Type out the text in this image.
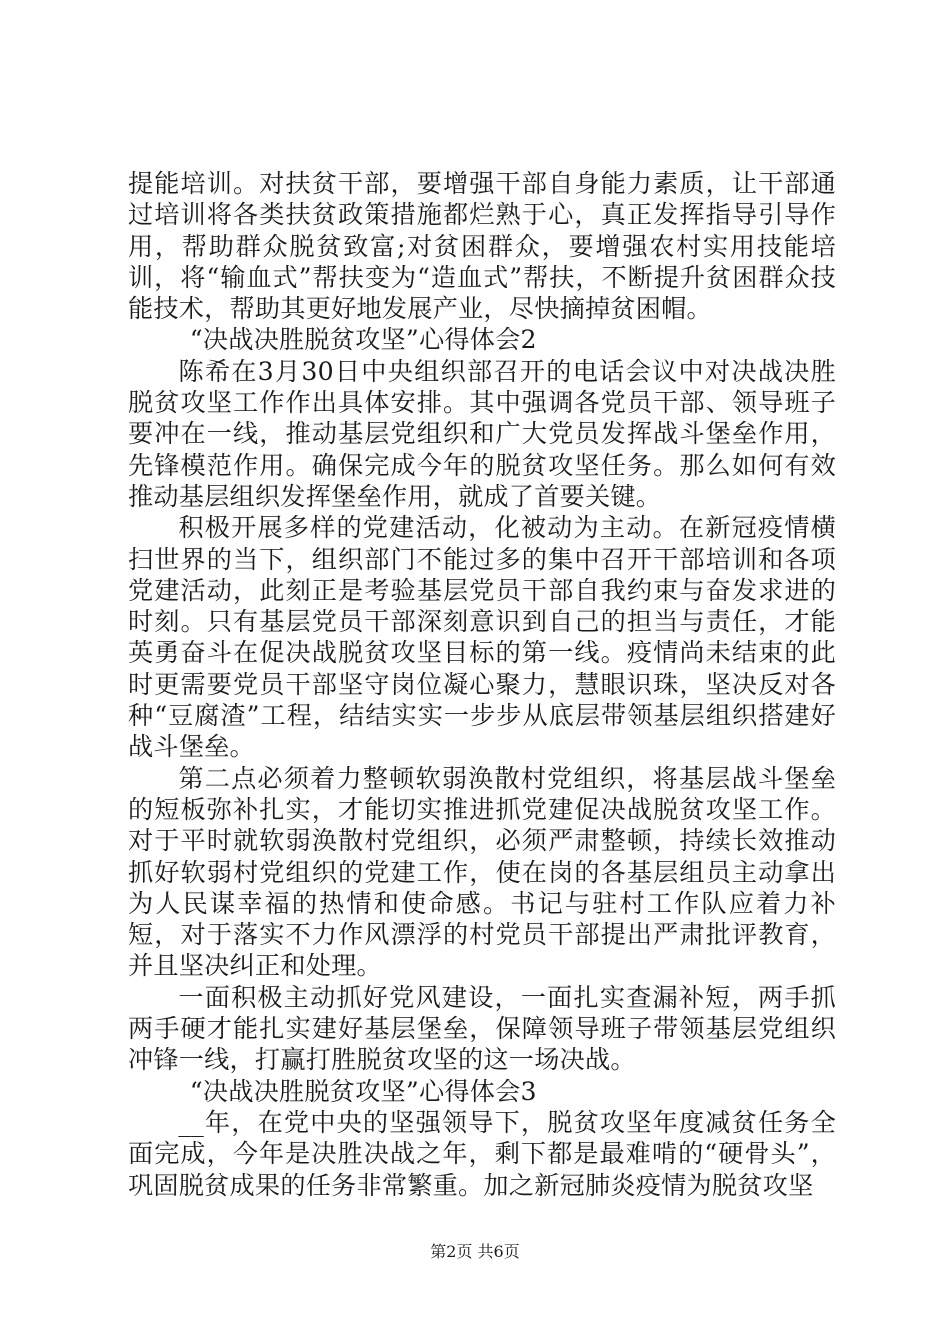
提能培训。对扶贫干部，要增强干部自身能力素质，让干部通过培训将各类扶贫政策措施都烂熟于心，真正发挥指导引导作用，帮助群众脱贫致富;对贫困群众，要增强农村实用技能培训，将“输血式”帮扶变为“造血式”帮扶，不断提升贫困群众技能技术，帮助其更好地发展产业，尽快摘掉贫困帽。

“决战决胜脱贫攻坚”心得体会2

陈希在3月30日中央组织部召开的电话会议中对决战决胜脱贫攻坚工作作出具体安排。其中强调各党员干部、领导班子要冲在一线，推动基层党组织和广大党员发挥战斗堡垒作用，先锋模范作用。确保完成今年的脱贫攻坚任务。那么如何有效推动基层组织发挥堡垒作用，就成了首要关键。

积极开展多样的党建活动，化被动为主动。在新冠疫情横扫世界的当下，组织部门不能过多的集中召开干部培训和各项党建活动，此刻正是考验基层党员干部自我约束与奋发求进的时刻。只有基层党员干部深刻意识到自己的担当与责任，才能英勇奋斗在促决战脱贫攻坚目标的第一线。疫情尚未结束的此时更需要党员干部坚守岗位凝心聚力，慧眼识珠，坚决反对各种“豆腐渣”工程，结结实实一步步从底层带领基层组织搭建好战斗堡垒。

第二点必须着力整顿软弱涣散村党组织，将基层战斗堡垒的短板弥补扎实，才能切实推进抓党建促决战脱贫攻坚工作。对于平时就软弱涣散村党组织，必须严肃整顿，持续长效推动抓好软弱村党组织的党建工作，使在岗的各基层组员主动拿出为人民谋幸福的热情和使命感。书记与驻村工作队应着力补短，对于落实不力作风漂浮的村党员干部提出严肃批评教育，并且坚决纠正和处理。

一面积极主动抓好党风建设，一面扎实查漏补短，两手抓两手硬才能扎实建好基层堡垒，保障领导班子带领基层党组织冲锋一线，打赢打胜脱贫攻坚的这一场决战。

“决战决胜脱贫攻坚”心得体会3

__年，在党中央的坚强领导下，脱贫攻坚年度减贫任务全面完成，今年是决胜决战之年，剩下都是最难啃的“硬骨头”，巩固脱贫成果的任务非常繁重。加之新冠肺炎疫情为脱贫攻坚

第2页 共6页
